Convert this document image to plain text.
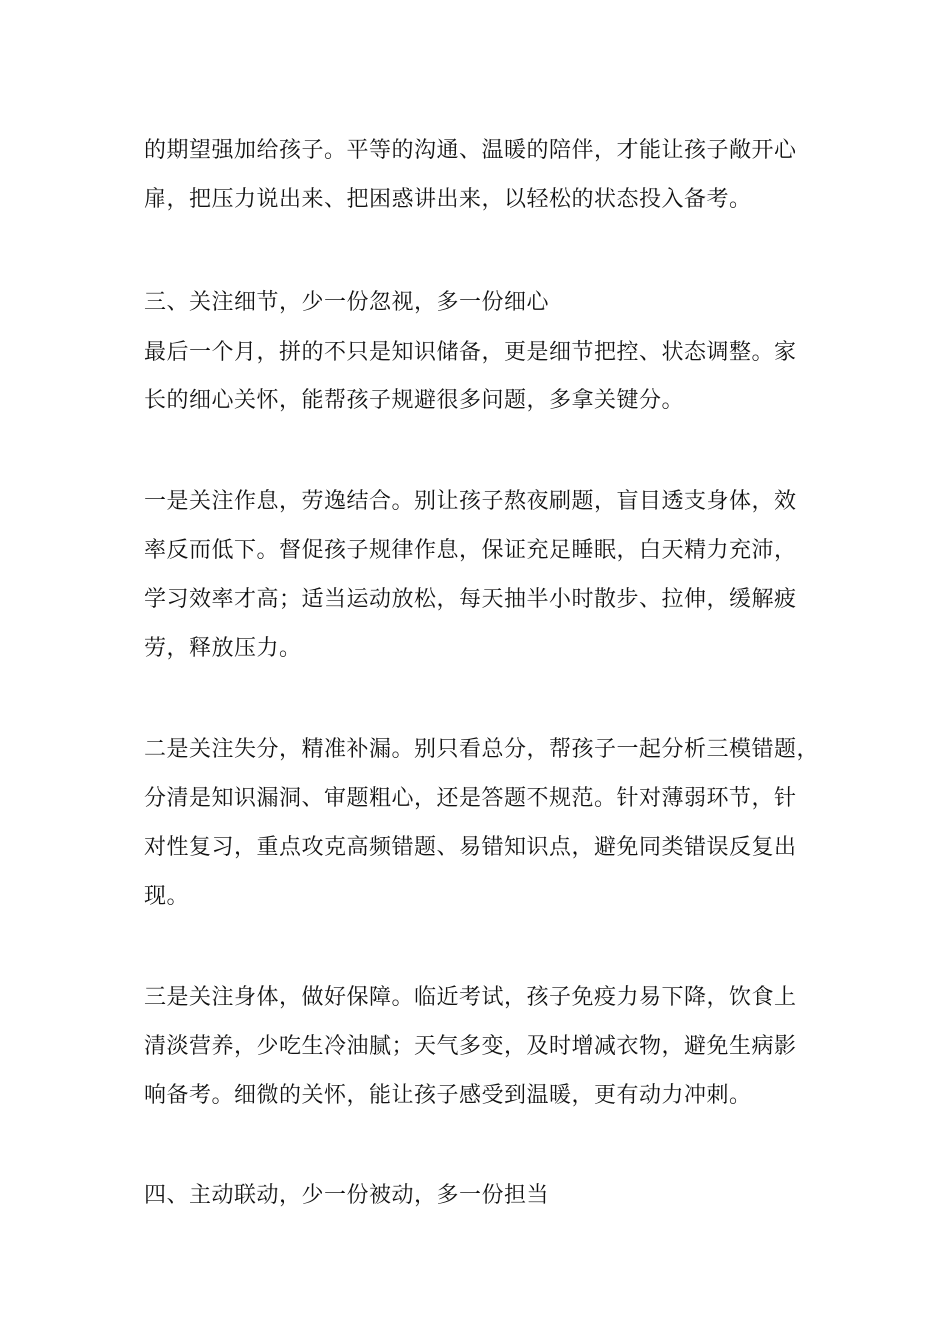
的期望强加给孩子。平等的沟通、温暖的陪伴，才能让孩子敞开心
扉，把压力说出来、把困惑讲出来，以轻松的状态投入备考。
三、关注细节，少一份忽视，多一份细心
最后一个月，拼的不只是知识储备，更是细节把控、状态调整。家
长的细心关怀，能帮孩子规避很多问题，多拿关键分。
一是关注作息，劳逸结合。别让孩子熬夜刷题，盲目透支身体，效
率反而低下。督促孩子规律作息，保证充足睡眠，白天精力充沛，
学习效率才高；适当运动放松，每天抽半小时散步、拉伸，缓解疲
劳，释放压力。
二是关注失分，精准补漏。别只看总分，帮孩子一起分析三模错题，
分清是知识漏洞、审题粗心，还是答题不规范。针对薄弱环节，针
对性复习，重点攻克高频错题、易错知识点，避免同类错误反复出
现。
三是关注身体，做好保障。临近考试，孩子免疫力易下降，饮食上
清淡营养，少吃生冷油腻；天气多变，及时增减衣物，避免生病影
响备考。细微的关怀，能让孩子感受到温暖，更有动力冲刺。
四、主动联动，少一份被动，多一份担当
